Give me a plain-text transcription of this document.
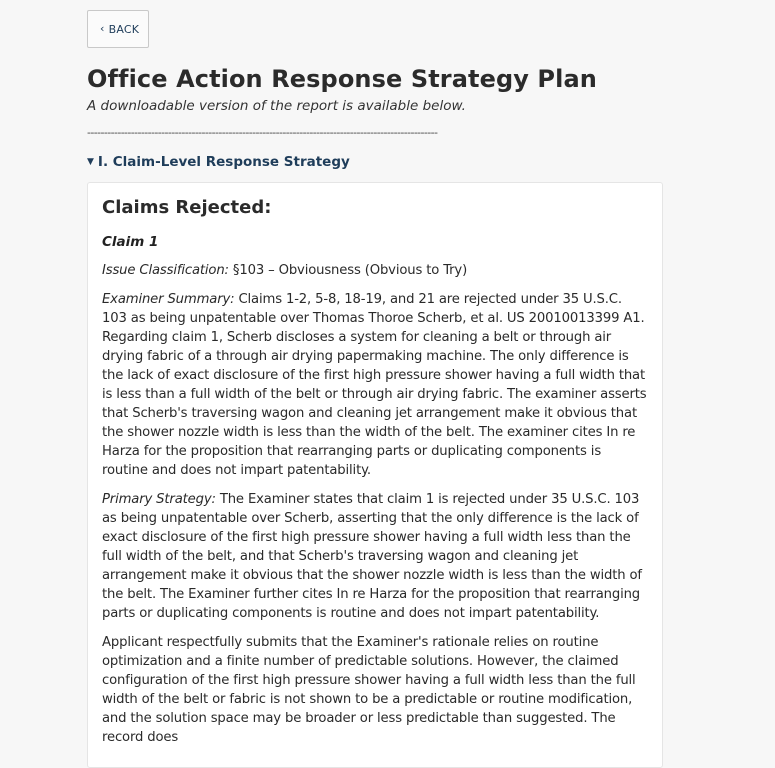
‹ BACK
Office Action Response Strategy Plan

A downloadable version of the report is available below.

--------------------------------------------------------------------------------------------------------
▼ I. Claim-Level Response Strategy
Claims Rejected:

Claim 1

Issue Classification: §103 – Obviousness (Obvious to Try)

Examiner Summary: Claims 1-2, 5-8, 18-19, and 21 are rejected under 35 U.S.C. 103 as being unpatentable over Thomas Thoroe Scherb, et al. US 20010013399 A1. Regarding claim 1, Scherb discloses a system for cleaning a belt or through air drying fabric of a through air drying papermaking machine. The only difference is the lack of exact disclosure of the first high pressure shower having a full width that is less than a full width of the belt or through air drying fabric. The examiner asserts that Scherb's traversing wagon and cleaning jet arrangement make it obvious that the shower nozzle width is less than the width of the belt. The examiner cites In re Harza for the proposition that rearranging parts or duplicating components is routine and does not impart patentability.

Primary Strategy: The Examiner states that claim 1 is rejected under 35 U.S.C. 103 as being unpatentable over Scherb, asserting that the only difference is the lack of exact disclosure of the first high pressure shower having a full width less than the full width of the belt, and that Scherb's traversing wagon and cleaning jet arrangement make it obvious that the shower nozzle width is less than the width of the belt. The Examiner further cites In re Harza for the proposition that rearranging parts or duplicating components is routine and does not impart patentability.

Applicant respectfully submits that the Examiner's rationale relies on routine optimization and a finite number of predictable solutions. However, the claimed configuration of the first high pressure shower having a full width less than the full width of the belt or fabric is not shown to be a predictable or routine modification, and the solution space may be broader or less predictable than suggested. The record does
